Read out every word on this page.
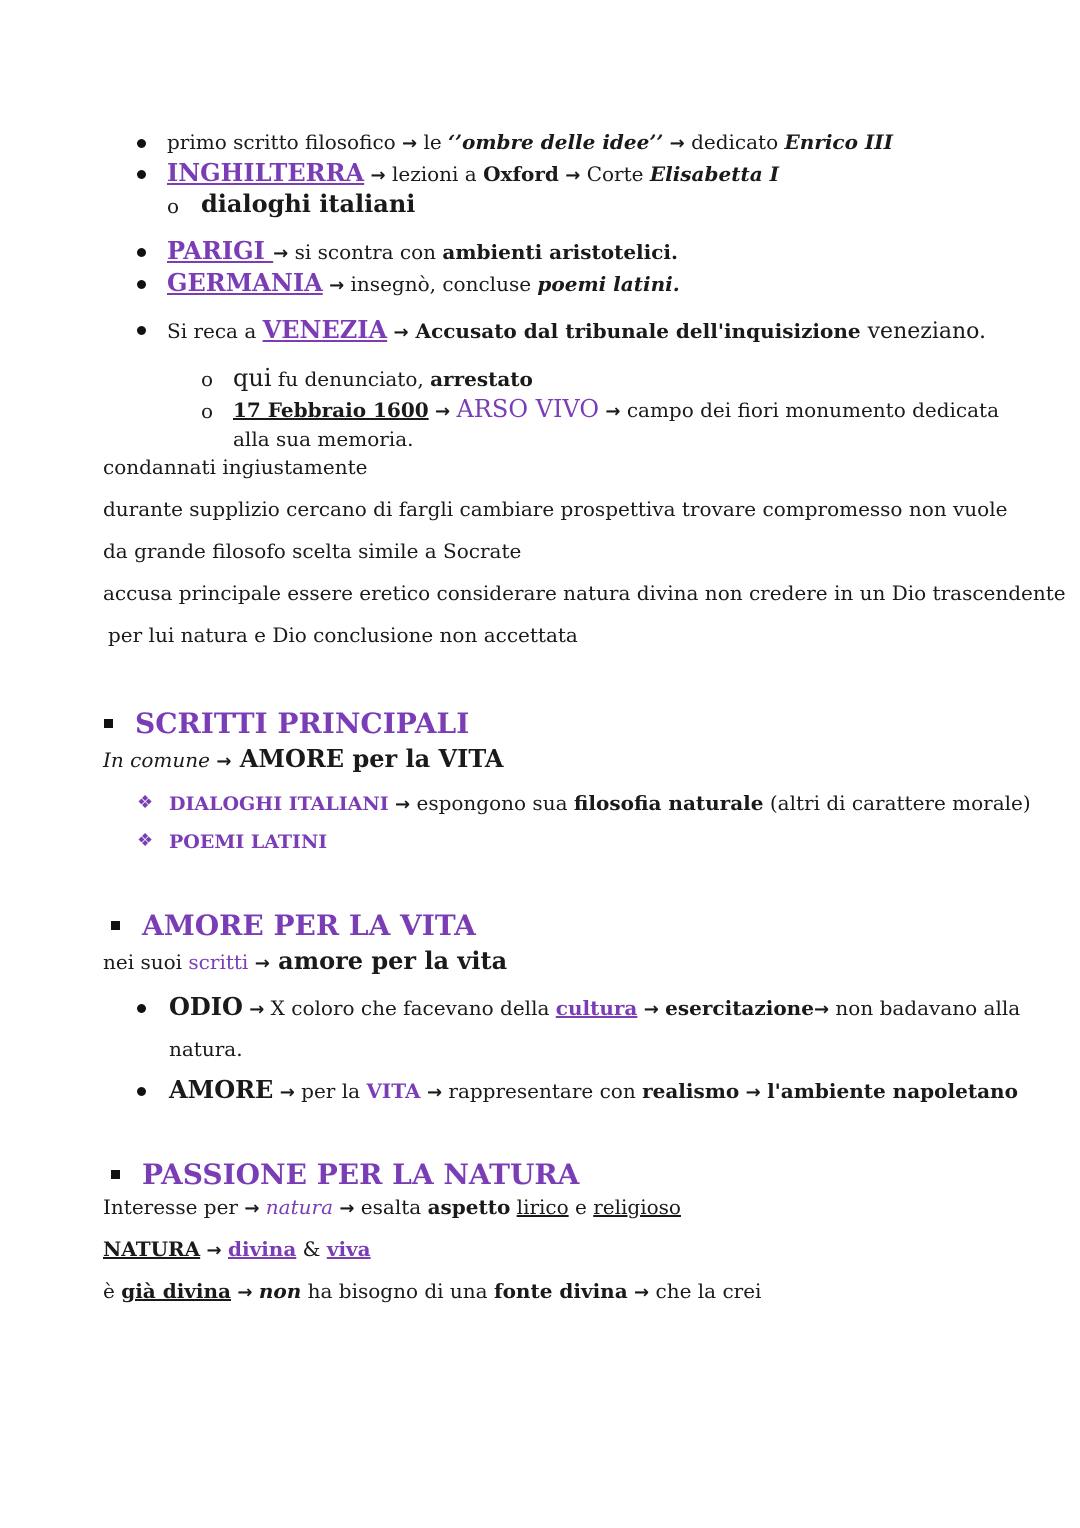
primo scritto filosofico → le ‘’ombre delle idee’’ → dedicato Enrico III
INGHILTERRA → lezioni a Oxford → Corte Elisabetta I
o dialoghi italiani
PARIGI → si scontra con ambienti aristotelici.
GERMANIA → insegnò, concluse poemi latini.
Si reca a VENEZIA → Accusato dal tribunale dell'inquisizione veneziano.
o qui fu denunciato, arrestato
o 17 Febbraio 1600 → ARSO VIVO → campo dei fiori monumento dedicata
alla sua memoria.
condannati ingiustamente
durante supplizio cercano di fargli cambiare prospettiva trovare compromesso non vuole
da grande filosofo scelta simile a Socrate
accusa principale essere eretico considerare natura divina non credere in un Dio trascendente
per lui natura e Dio conclusione non accettata
SCRITTI PRINCIPALI
In comune → AMORE per la VITA
❖ DIALOGHI ITALIANI → espongono sua filosofia naturale (altri di carattere morale)
❖ POEMI LATINI
AMORE PER LA VITA
nei suoi scritti → amore per la vita
ODIO → X coloro che facevano della cultura → esercitazione→ non badavano alla
natura.
AMORE → per la VITA → rappresentare con realismo → l'ambiente napoletano
PASSIONE PER LA NATURA
Interesse per → natura → esalta aspetto lirico e religioso
NATURA → divina & viva
è già divina → non ha bisogno di una fonte divina → che la crei
